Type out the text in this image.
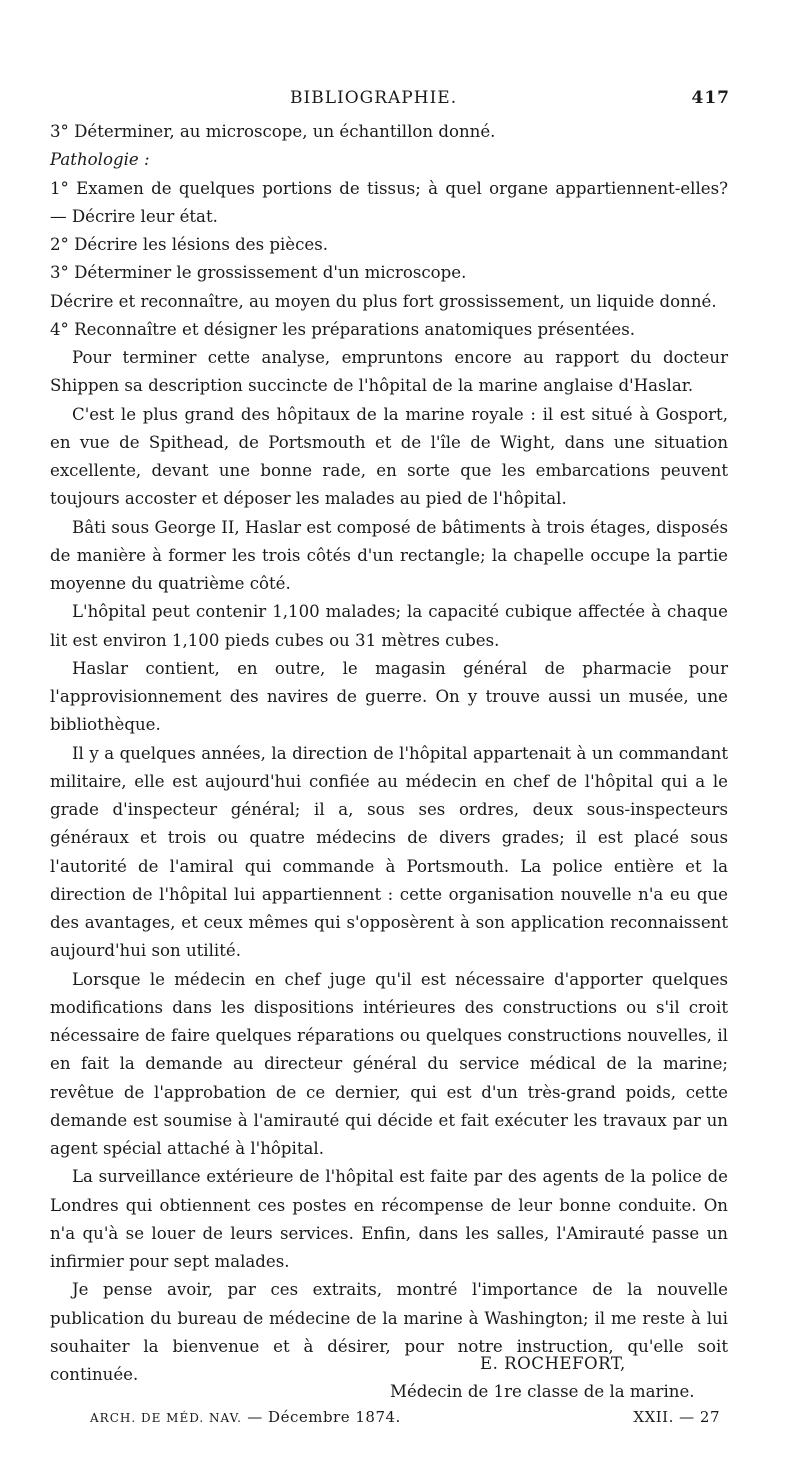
BIBLIOGRAPHIE.	417

3° Déterminer, au microscope, un échantillon donné.

Pathologie :

1° Examen de quelques portions de tissus; à quel organe appartiennent-elles? — Décrire leur état.

2° Décrire les lésions des pièces.

3° Déterminer le grossissement d'un microscope.

Décrire et reconnaître, au moyen du plus fort grossissement, un liquide donné.

4° Reconnaître et désigner les préparations anatomiques présentées.

Pour terminer cette analyse, empruntons encore au rapport du docteur Shippen sa description succincte de l'hôpital de la marine anglaise d'Haslar.

C'est le plus grand des hôpitaux de la marine royale : il est situé à Gosport, en vue de Spithead, de Portsmouth et de l'île de Wight, dans une situation excellente, devant une bonne rade, en sorte que les embarcations peuvent toujours accoster et déposer les malades au pied de l'hôpital.

Bâti sous George II, Haslar est composé de bâtiments à trois étages, disposés de manière à former les trois côtés d'un rectangle; la chapelle occupe la partie moyenne du quatrième côté.

L'hôpital peut contenir 1,100 malades; la capacité cubique affectée à chaque lit est environ 1,100 pieds cubes ou 31 mètres cubes.

Haslar contient, en outre, le magasin général de pharmacie pour l'approvisionnement des navires de guerre. On y trouve aussi un musée, une bibliothèque.

Il y a quelques années, la direction de l'hôpital appartenait à un commandant militaire, elle est aujourd'hui confiée au médecin en chef de l'hôpital qui a le grade d'inspecteur général; il a, sous ses ordres, deux sous-inspecteurs généraux et trois ou quatre médecins de divers grades; il est placé sous l'autorité de l'amiral qui commande à Portsmouth. La police entière et la direction de l'hôpital lui appartiennent : cette organisation nouvelle n'a eu que des avantages, et ceux mêmes qui s'opposèrent à son application reconnaissent aujourd'hui son utilité.

Lorsque le médecin en chef juge qu'il est nécessaire d'apporter quelques modifications dans les dispositions intérieures des constructions ou s'il croit nécessaire de faire quelques réparations ou quelques constructions nouvelles, il en fait la demande au directeur général du service médical de la marine; revêtue de l'approbation de ce dernier, qui est d'un très-grand poids, cette demande est soumise à l'amirauté qui décide et fait exécuter les travaux par un agent spécial attaché à l'hôpital.

La surveillance extérieure de l'hôpital est faite par des agents de la police de Londres qui obtiennent ces postes en récompense de leur bonne conduite. On n'a qu'à se louer de leurs services. Enfin, dans les salles, l'Amirauté passe un infirmier pour sept malades.

Je pense avoir, par ces extraits, montré l'importance de la nouvelle publication du bureau de médecine de la marine à Washington; il me reste à lui souhaiter la bienvenue et à désirer, pour notre instruction, qu'elle soit continuée.

E. ROCHEFORT,
Médecin de 1re classe de la marine.
ARCH. DE MÉD. NAV. — Décembre 1874.	XXII. — 27
